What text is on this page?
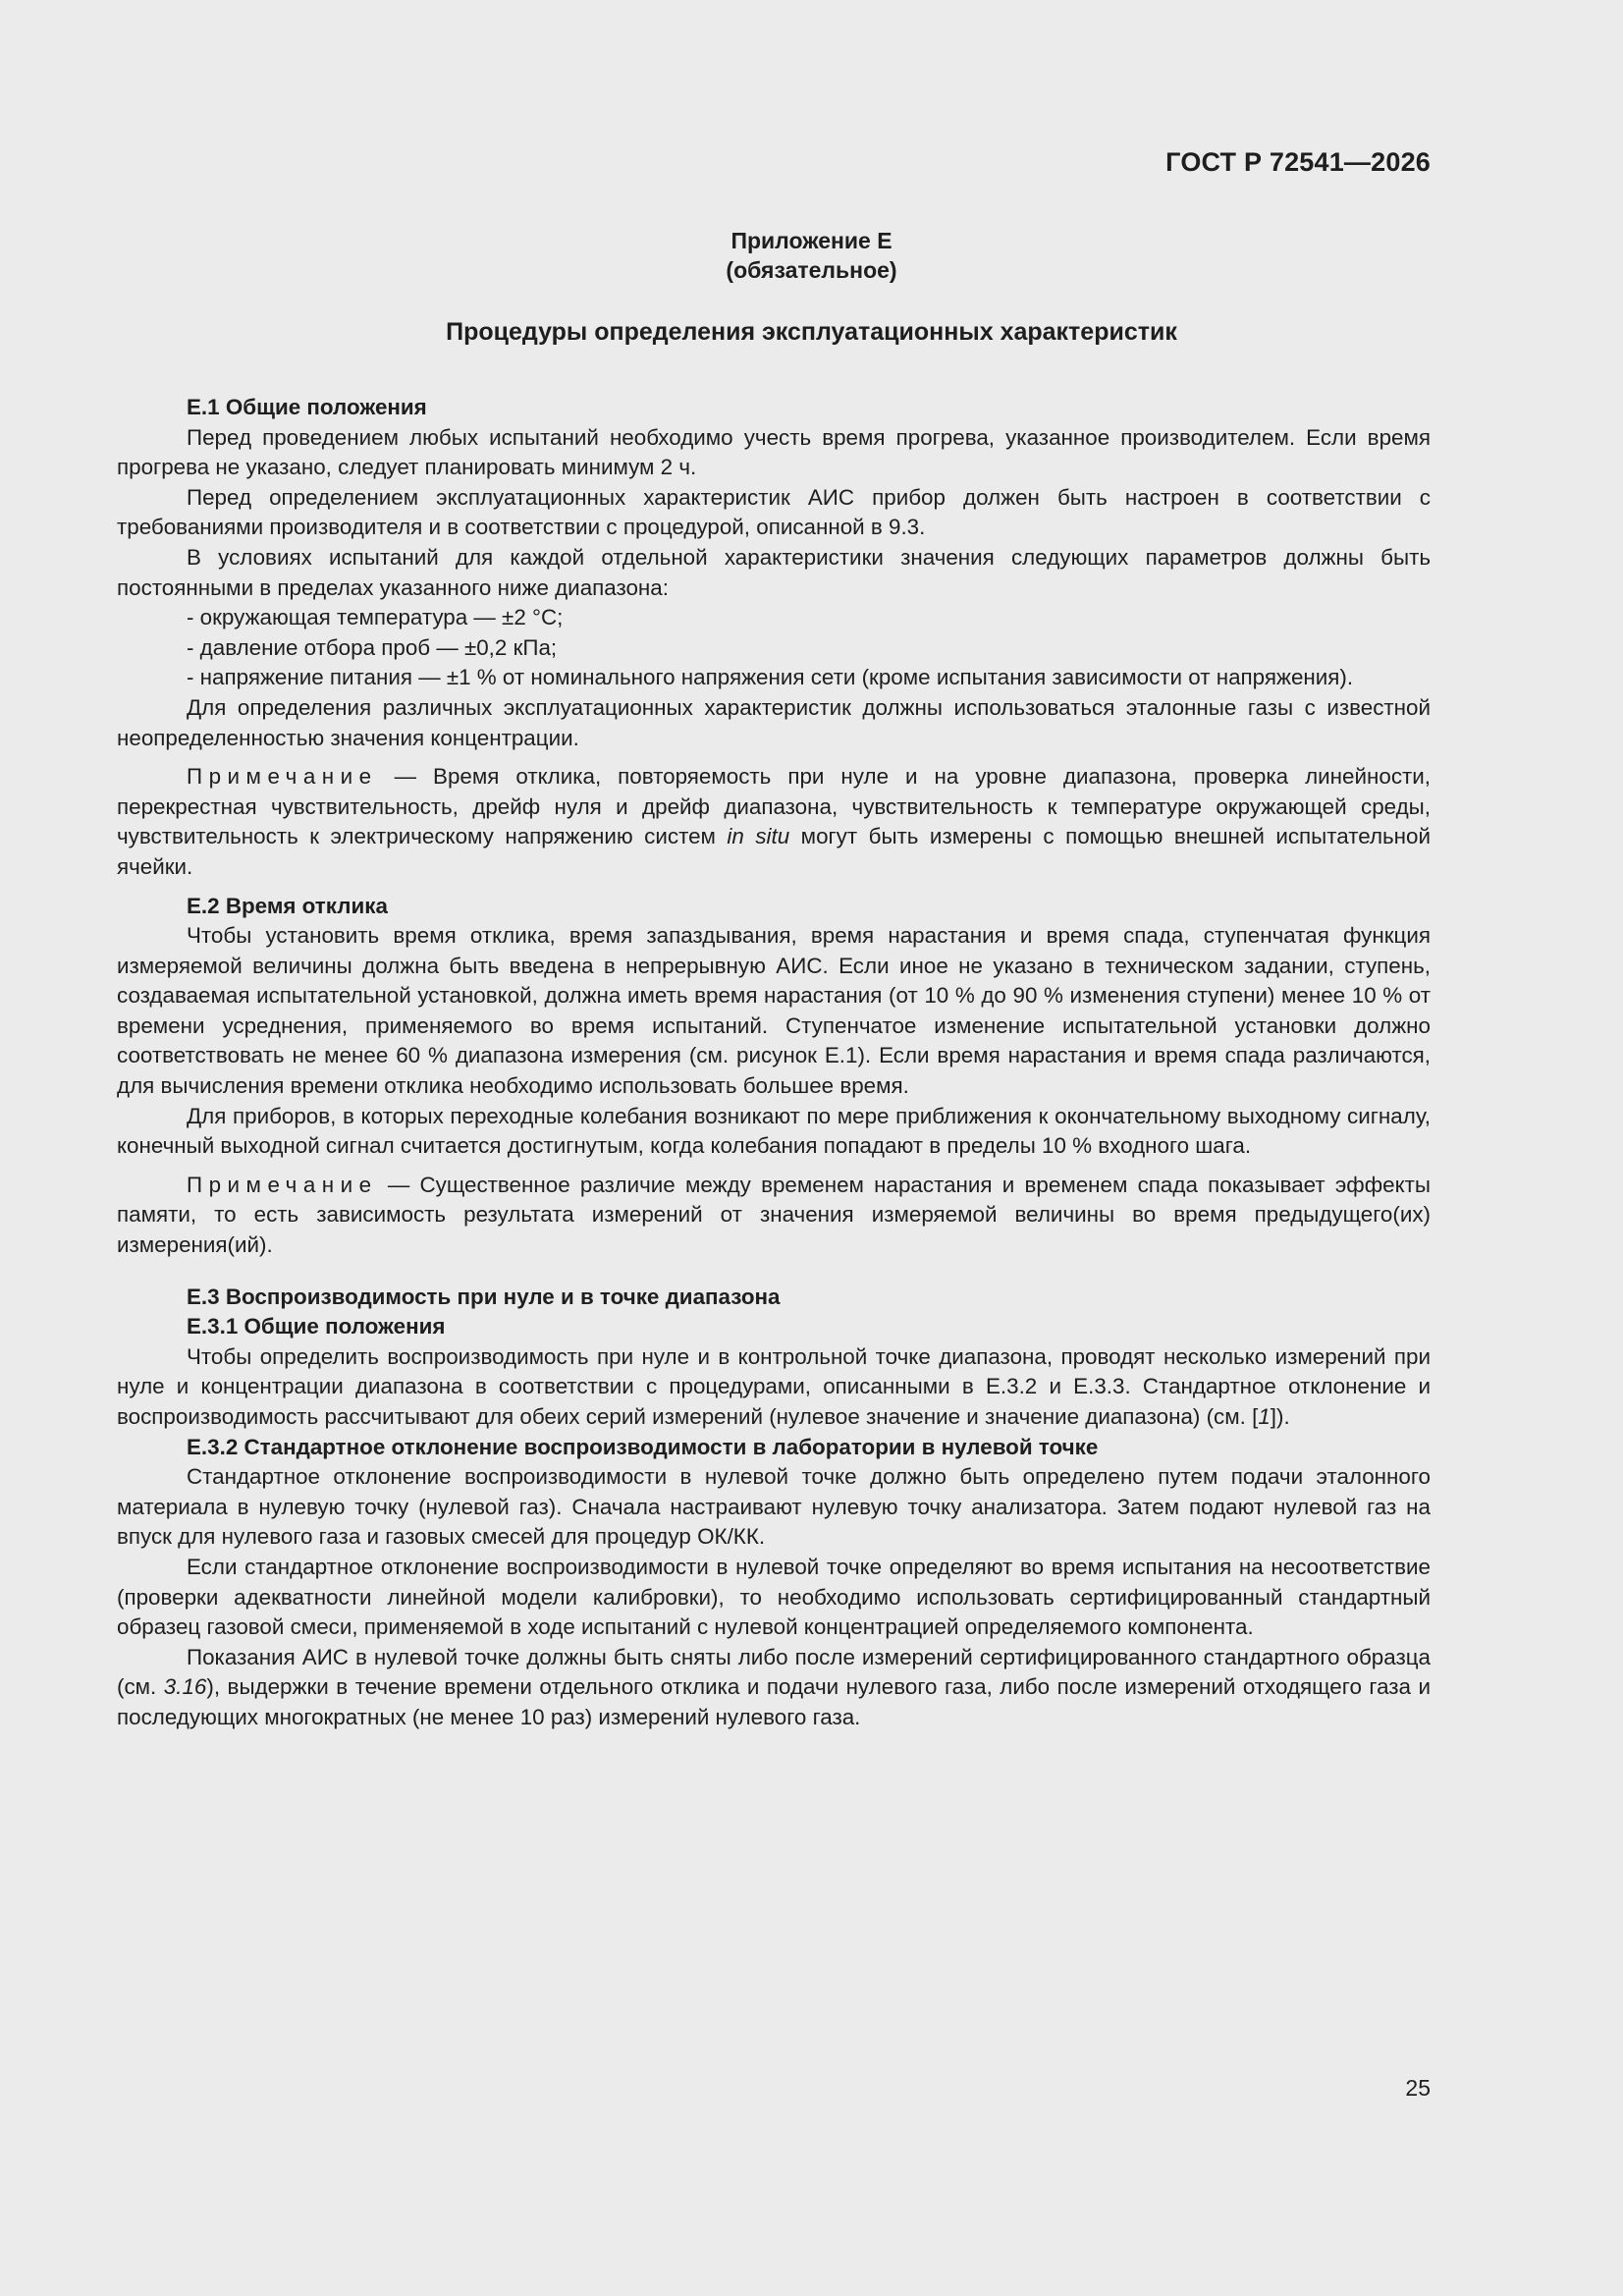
ГОСТ Р 72541—2026
Приложение Е
(обязательное)
Процедуры определения эксплуатационных характеристик

Е.1 Общие положения

Перед проведением любых испытаний необходимо учесть время прогрева, указанное производителем. Если время прогрева не указано, следует планировать минимум 2 ч.

Перед определением эксплуатационных характеристик АИС прибор должен быть настроен в соответствии с требованиями производителя и в соответствии с процедурой, описанной в 9.3.

В условиях испытаний для каждой отдельной характеристики значения следующих параметров должны быть постоянными в пределах указанного ниже диапазона:

- окружающая температура — ±2 °С;

- давление отбора проб — ±0,2 кПа;

- напряжение питания — ±1 % от номинального напряжения сети (кроме испытания зависимости от напряжения).

Для определения различных эксплуатационных характеристик должны использоваться эталонные газы с известной неопределенностью значения концентрации.

Примечание — Время отклика, повторяемость при нуле и на уровне диапазона, проверка линейности, перекрестная чувствительность, дрейф нуля и дрейф диапазона, чувствительность к температуре окружающей среды, чувствительность к электрическому напряжению систем in situ могут быть измерены с помощью внешней испытательной ячейки.

Е.2 Время отклика

Чтобы установить время отклика, время запаздывания, время нарастания и время спада, ступенчатая функция измеряемой величины должна быть введена в непрерывную АИС. Если иное не указано в техническом задании, ступень, создаваемая испытательной установкой, должна иметь время нарастания (от 10 % до 90 % изменения ступени) менее 10 % от времени усреднения, применяемого во время испытаний. Ступенчатое изменение испытательной установки должно соответствовать не менее 60 % диапазона измерения (см. рисунок Е.1). Если время нарастания и время спада различаются, для вычисления времени отклика необходимо использовать большее время.

Для приборов, в которых переходные колебания возникают по мере приближения к окончательному выходному сигналу, конечный выходной сигнал считается достигнутым, когда колебания попадают в пределы 10 % входного шага.

Примечание — Существенное различие между временем нарастания и временем спада показывает эффекты памяти, то есть зависимость результата измерений от значения измеряемой величины во время предыдущего(их) измерения(ий).

Е.3 Воспроизводимость при нуле и в точке диапазона

Е.3.1 Общие положения

Чтобы определить воспроизводимость при нуле и в контрольной точке диапазона, проводят несколько измерений при нуле и концентрации диапазона в соответствии с процедурами, описанными в Е.3.2 и Е.3.3. Стандартное отклонение и воспроизводимость рассчитывают для обеих серий измерений (нулевое значение и значение диапазона) (см. [1]).

Е.3.2 Стандартное отклонение воспроизводимости в лаборатории в нулевой точке

Стандартное отклонение воспроизводимости в нулевой точке должно быть определено путем подачи эталонного материала в нулевую точку (нулевой газ). Сначала настраивают нулевую точку анализатора. Затем подают нулевой газ на впуск для нулевого газа и газовых смесей для процедур ОК/КК.

Если стандартное отклонение воспроизводимости в нулевой точке определяют во время испытания на несоответствие (проверки адекватности линейной модели калибровки), то необходимо использовать сертифицированный стандартный образец газовой смеси, применяемой в ходе испытаний с нулевой концентрацией определяемого компонента.

Показания АИС в нулевой точке должны быть сняты либо после измерений сертифицированного стандартного образца (см. 3.16), выдержки в течение времени отдельного отклика и подачи нулевого газа, либо после измерений отходящего газа и последующих многократных (не менее 10 раз) измерений нулевого газа.

25
